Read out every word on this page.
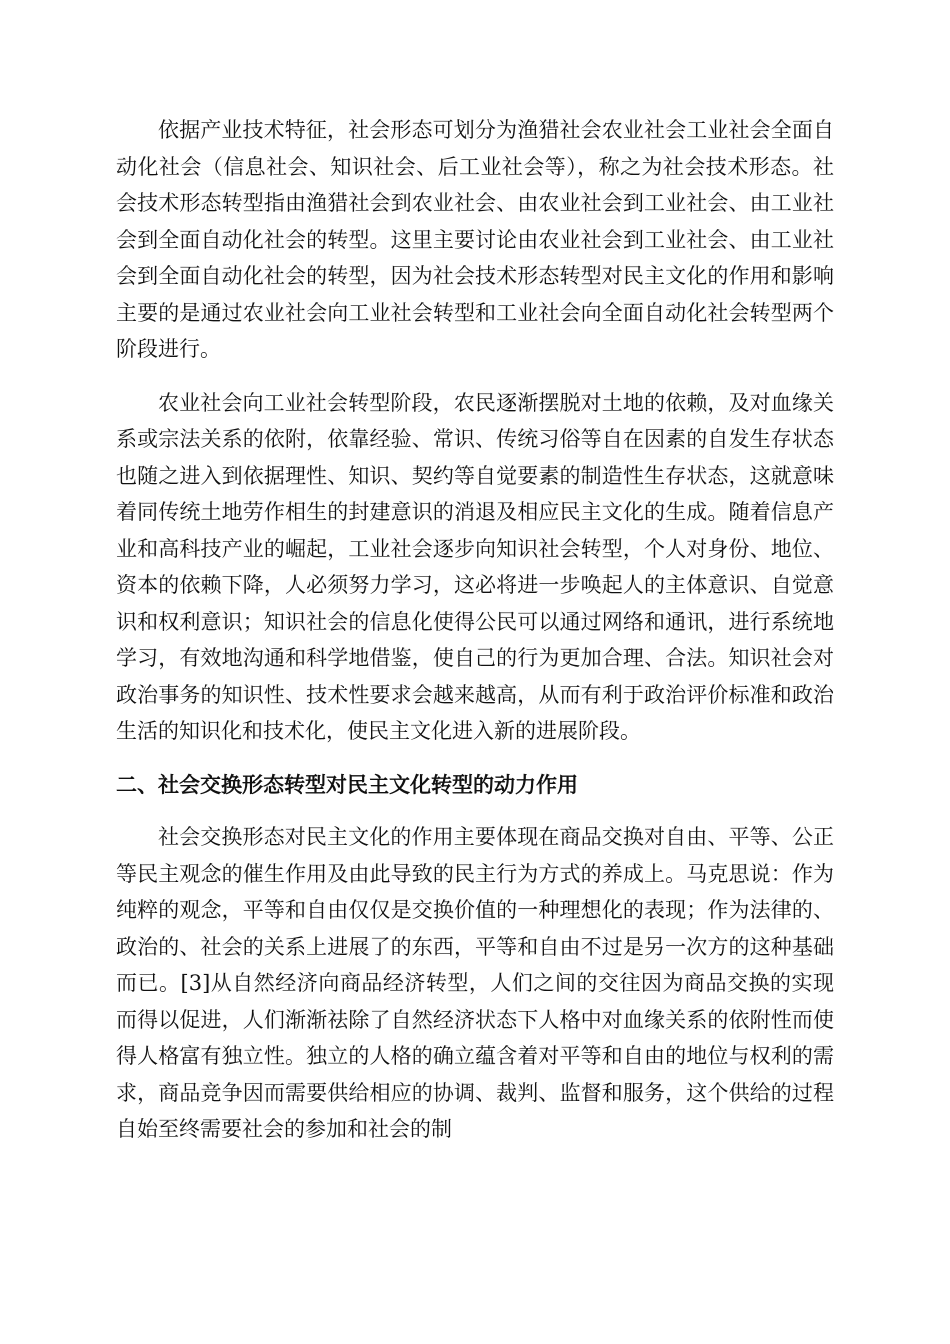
依据产业技术特征，社会形态可划分为渔猎社会农业社会工业社会全面自动化社会（信息社会、知识社会、后工业社会等），称之为社会技术形态。社会技术形态转型指由渔猎社会到农业社会、由农业社会到工业社会、由工业社会到全面自动化社会的转型。这里主要讨论由农业社会到工业社会、由工业社会到全面自动化社会的转型，因为社会技术形态转型对民主文化的作用和影响主要的是通过农业社会向工业社会转型和工业社会向全面自动化社会转型两个阶段进行。

农业社会向工业社会转型阶段，农民逐渐摆脱对土地的依赖，及对血缘关系或宗法关系的依附，依靠经验、常识、传统习俗等自在因素的自发生存状态也随之进入到依据理性、知识、契约等自觉要素的制造性生存状态，这就意味着同传统土地劳作相生的封建意识的消退及相应民主文化的生成。随着信息产业和高科技产业的崛起，工业社会逐步向知识社会转型，个人对身份、地位、资本的依赖下降，人必须努力学习，这必将进一步唤起人的主体意识、自觉意识和权利意识；知识社会的信息化使得公民可以通过网络和通讯，进行系统地学习，有效地沟通和科学地借鉴，使自己的行为更加合理、合法。知识社会对政治事务的知识性、技术性要求会越来越高，从而有利于政治评价标准和政治生活的知识化和技术化，使民主文化进入新的进展阶段。

二、社会交换形态转型对民主文化转型的动力作用

社会交换形态对民主文化的作用主要体现在商品交换对自由、平等、公正等民主观念的催生作用及由此导致的民主行为方式的养成上。马克思说：作为纯粹的观念，平等和自由仅仅是交换价值的一种理想化的表现；作为法律的、政治的、社会的关系上进展了的东西，平等和自由不过是另一次方的这种基础而已。[3]从自然经济向商品经济转型，人们之间的交往因为商品交换的实现而得以促进，人们渐渐祛除了自然经济状态下人格中对血缘关系的依附性而使得人格富有独立性。独立的人格的确立蕴含着对平等和自由的地位与权利的需求，商品竞争因而需要供给相应的协调、裁判、监督和服务，这个供给的过程自始至终需要社会的参加和社会的制
